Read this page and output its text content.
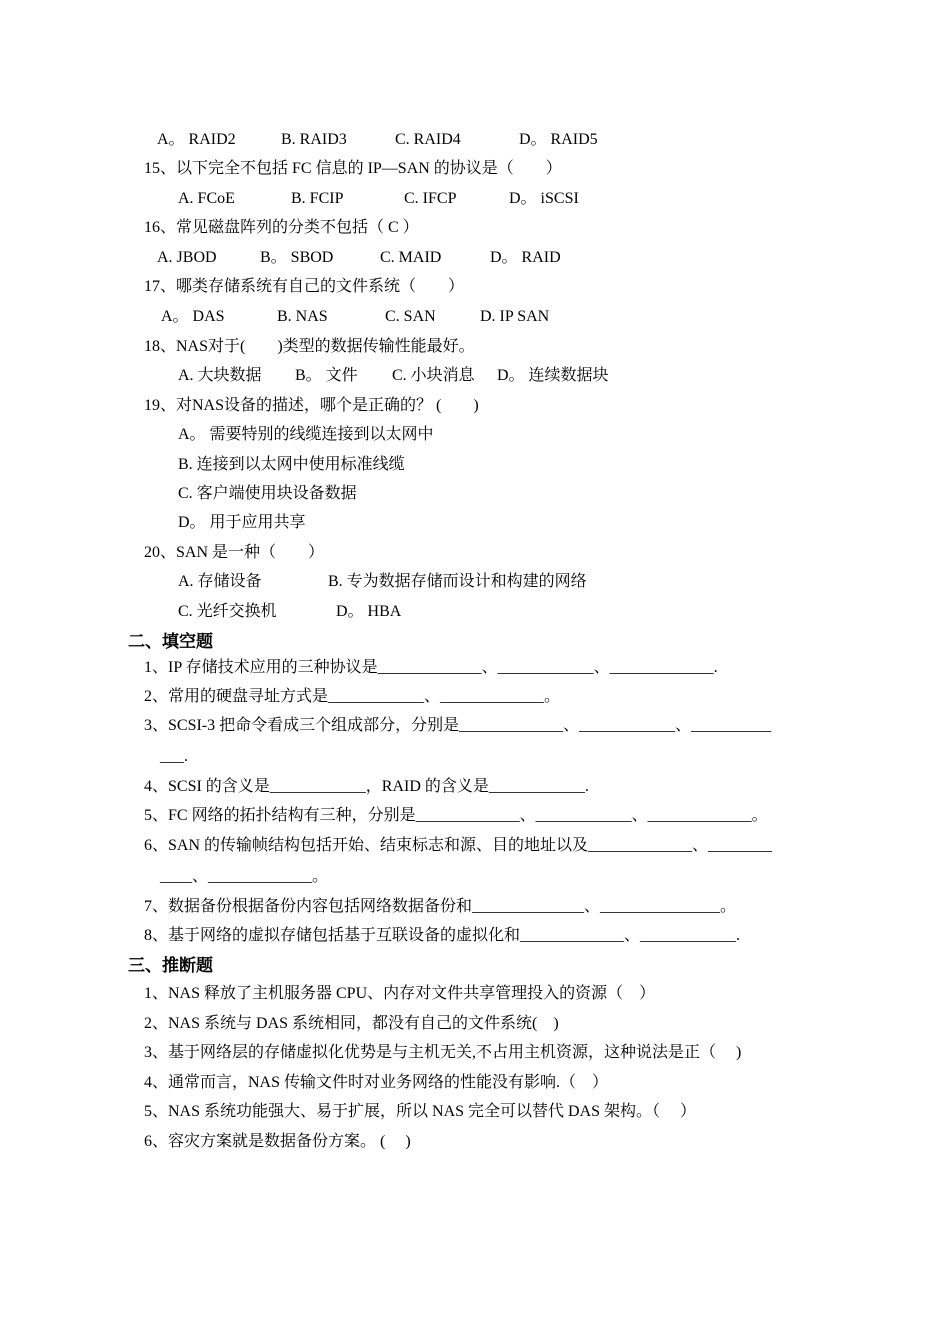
A。 RAID2	B. RAID3	C. RAID4	D。 RAID5
15、以下完全不包括 FC 信息的 IP—SAN 的协议是（　　）
A. FCoE	B. FCIP	C. IFCP	D。 iSCSI
16、常见磁盘阵列的分类不包括（ C ）
A. JBOD	B。 SBOD	C. MAID	D。 RAID
17、哪类存储系统有自己的文件系统（　　）
A。 DAS	B. NAS	C. SAN	D. IP SAN
18、NAS对于(　　)类型的数据传输性能最好。
A. 大块数据 B。 文件 C. 小块消息 D。 连续数据块
19、对NAS设备的描述，哪个是正确的？ (　　)
A。 需要特别的线缆连接到以太网中
B. 连接到以太网中使用标准线缆
C. 客户端使用块设备数据
D。 用于应用共享
20、SAN 是一种（　　）
A. 存储设备	B. 专为数据存储而设计和构建的网络
C. 光纤交换机	D。 HBA
二、填空题
1、IP 存储技术应用的三种协议是_____________、____________、_____________.
2、常用的硬盘寻址方式是____________、_____________。
3、SCSI-3 把命令看成三个组成部分，分别是_____________、____________、__________
___.
4、SCSI 的含义是____________，RAID 的含义是____________.
5、FC 网络的拓扑结构有三种，分别是_____________、____________、_____________。
6、SAN 的传输帧结构包括开始、结束标志和源、目的地址以及_____________、________
____、_____________。
7、数据备份根据备份内容包括网络数据备份和______________、_______________。
8、基于网络的虚拟存储包括基于互联设备的虚拟化和_____________、____________.
三、推断题
1、NAS 释放了主机服务器 CPU、内存对文件共享管理投入的资源（　）
2、NAS 系统与 DAS 系统相同，都没有自己的文件系统(　)
3、基于网络层的存储虚拟化优势是与主机无关,不占用主机资源，这种说法是正（　 )
4、通常而言，NAS 传输文件时对业务网络的性能没有影响.（　）
5、NAS 系统功能强大、易于扩展，所以 NAS 完全可以替代 DAS 架构。（　 ）
6、容灾方案就是数据备份方案。 (　 )
